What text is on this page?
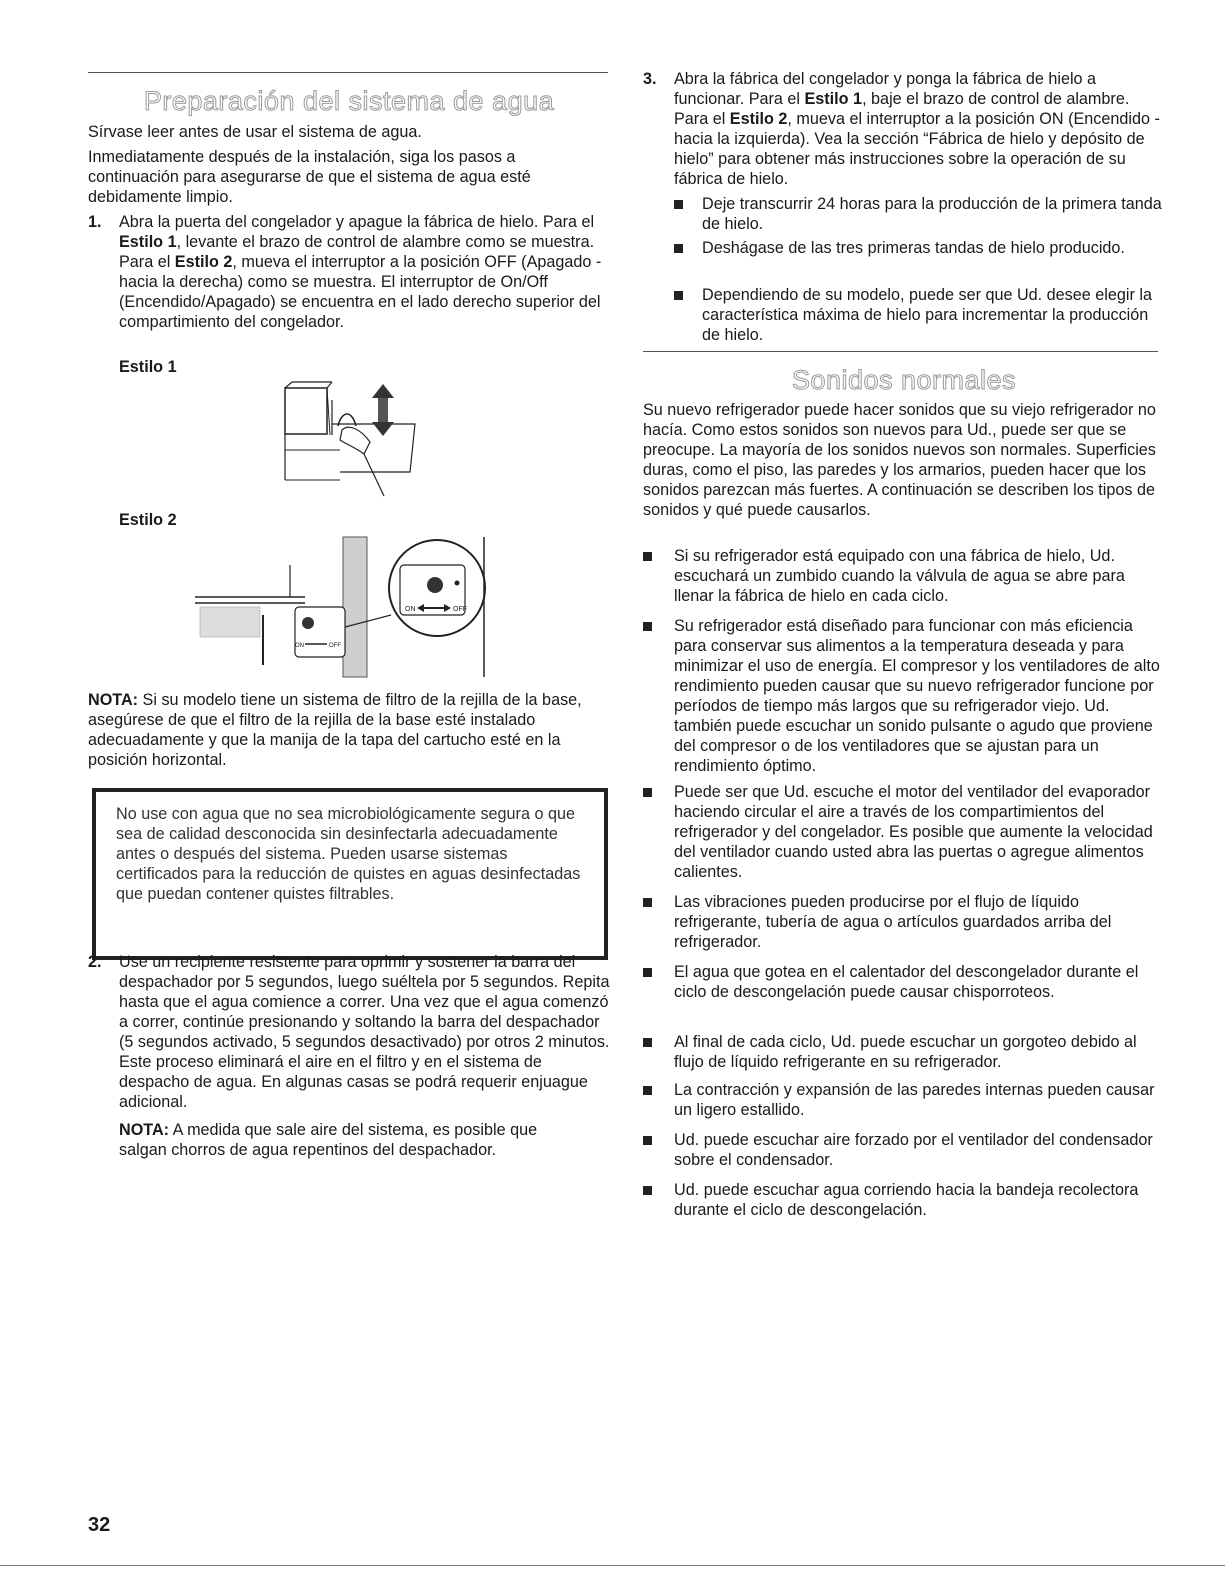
Preparación del sistema de agua

Sírvase leer antes de usar el sistema de agua.

Inmediatamente después de la instalación, siga los pasos a continuación para asegurarse de que el sistema de agua esté debidamente limpio.

1. Abra la puerta del congelador y apague la fábrica de hielo. Para el Estilo 1, levante el brazo de control de alambre como se muestra. Para el Estilo 2, mueva el interruptor a la posición OFF (Apagado - hacia la derecha) como se muestra. El interruptor de On/Off (Encendido/Apagado) se encuentra en el lado derecho superior del compartimiento del congelador.

Estilo 1

Estilo 2

ON	OFF
ON	OFF

NOTA: Si su modelo tiene un sistema de filtro de la rejilla de la base, asegúrese de que el filtro de la rejilla de la base esté instalado adecuadamente y que la manija de la tapa del cartucho esté en la posición horizontal.

No use con agua que no sea microbiológicamente segura o que sea de calidad desconocida sin desinfectarla adecuadamente antes o después del sistema. Pueden usarse sistemas certificados para la reducción de quistes en aguas desinfectadas que puedan contener quistes filtrables.
2. Use un recipiente resistente para oprimir y sostener la barra del despachador por 5 segundos, luego suéltela por 5 segundos. Repita hasta que el agua comience a correr. Una vez que el agua comenzó a correr, continúe presionando y soltando la barra del despachador (5 segundos activado, 5 segundos desactivado) por otros 2 minutos. Este proceso eliminará el aire en el filtro y en el sistema de despacho de agua. En algunas casas se podrá requerir enjuague adicional.
NOTA: A medida que sale aire del sistema, es posible que salgan chorros de agua repentinos del despachador.
3. Abra la fábrica del congelador y ponga la fábrica de hielo a funcionar. Para el Estilo 1, baje el brazo de control de alambre. Para el Estilo 2, mueva el interruptor a la posición ON (Encendido - hacia la izquierda). Vea la sección “Fábrica de hielo y depósito de hielo” para obtener más instrucciones sobre la operación de su fábrica de hielo.
Deje transcurrir 24 horas para la producción de la primera tanda de hielo.
Deshágase de las tres primeras tandas de hielo producido.
Dependiendo de su modelo, puede ser que Ud. desee elegir la característica máxima de hielo para incrementar la producción de hielo.
Sonidos normales

Su nuevo refrigerador puede hacer sonidos que su viejo refrigerador no hacía. Como estos sonidos son nuevos para Ud., puede ser que se preocupe. La mayoría de los sonidos nuevos son normales. Superficies duras, como el piso, las paredes y los armarios, pueden hacer que los sonidos parezcan más fuertes. A continuación se describen los tipos de sonidos y qué puede causarlos.

Si su refrigerador está equipado con una fábrica de hielo, Ud. escuchará un zumbido cuando la válvula de agua se abre para llenar la fábrica de hielo en cada ciclo.
Su refrigerador está diseñado para funcionar con más eficiencia para conservar sus alimentos a la temperatura deseada y para minimizar el uso de energía. El compresor y los ventiladores de alto rendimiento pueden causar que su nuevo refrigerador funcione por períodos de tiempo más largos que su refrigerador viejo. Ud. también puede escuchar un sonido pulsante o agudo que proviene del compresor o de los ventiladores que se ajustan para un rendimiento óptimo.
Puede ser que Ud. escuche el motor del ventilador del evaporador haciendo circular el aire a través de los compartimientos del refrigerador y del congelador. Es posible que aumente la velocidad del ventilador cuando usted abra las puertas o agregue alimentos calientes.
Las vibraciones pueden producirse por el flujo de líquido refrigerante, tubería de agua o artículos guardados arriba del refrigerador.
El agua que gotea en el calentador del descongelador durante el ciclo de descongelación puede causar chisporroteos.
Al final de cada ciclo, Ud. puede escuchar un gorgoteo debido al flujo de líquido refrigerante en su refrigerador.
La contracción y expansión de las paredes internas pueden causar un ligero estallido.
Ud. puede escuchar aire forzado por el ventilador del condensador sobre el condensador.
Ud. puede escuchar agua corriendo hacia la bandeja recolectora durante el ciclo de descongelación.
32
